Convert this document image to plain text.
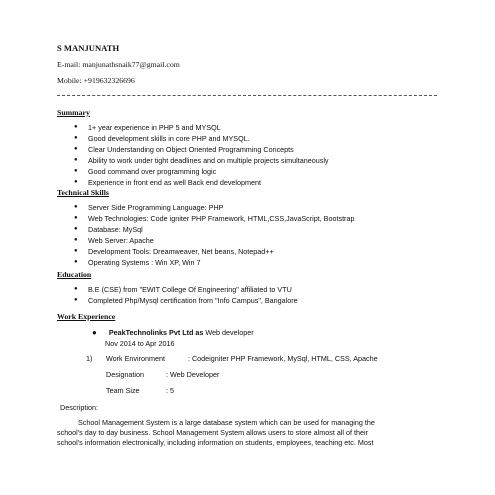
S MANJUNATH
E-mail: manjunathsnaik77@gmail.com
Mobile: +919632326696
Summary
● 1+ year experience in PHP 5 and MYSQL
● Good development skills in core PHP and MYSQL.
● Clear Understanding on Object Oriented Programming Concepts
● Ability to work under tight deadlines and on multiple projects simultaneously
● Good command over programming logic
● Experience in front end as well Back end development
Technical Skills
● Server Side Programming Language: PHP
● Web Technologies: Code igniter PHP Framework, HTML,CSS,JavaScript, Bootstrap
● Database: MySql
● Web Server: Apache
● Development Tools: Dreamweaver, Net beans, Notepad++
● Operating Systems : Win XP, Win 7
Education
● B.E (CSE) from "EWIT College Of Engineering" affiliated to VTU
● Completed Php/Mysql certification from "Info Campus", Bangalore
Work Experience
● PeakTechnolinks Pvt Ltd as Web developer
Nov 2014 to Apr 2016
1) Work Environment	: Codeigniter PHP Framework, MySql, HTML, CSS, Apache
Designation	: Web Developer
Team Size	: 5
Description:
School Management System is a large database system which can be used for managing the
school's day to day business. School Management System allows users to store almost all of their
school's information electronically, including information on students, employees, teaching etc. Most
